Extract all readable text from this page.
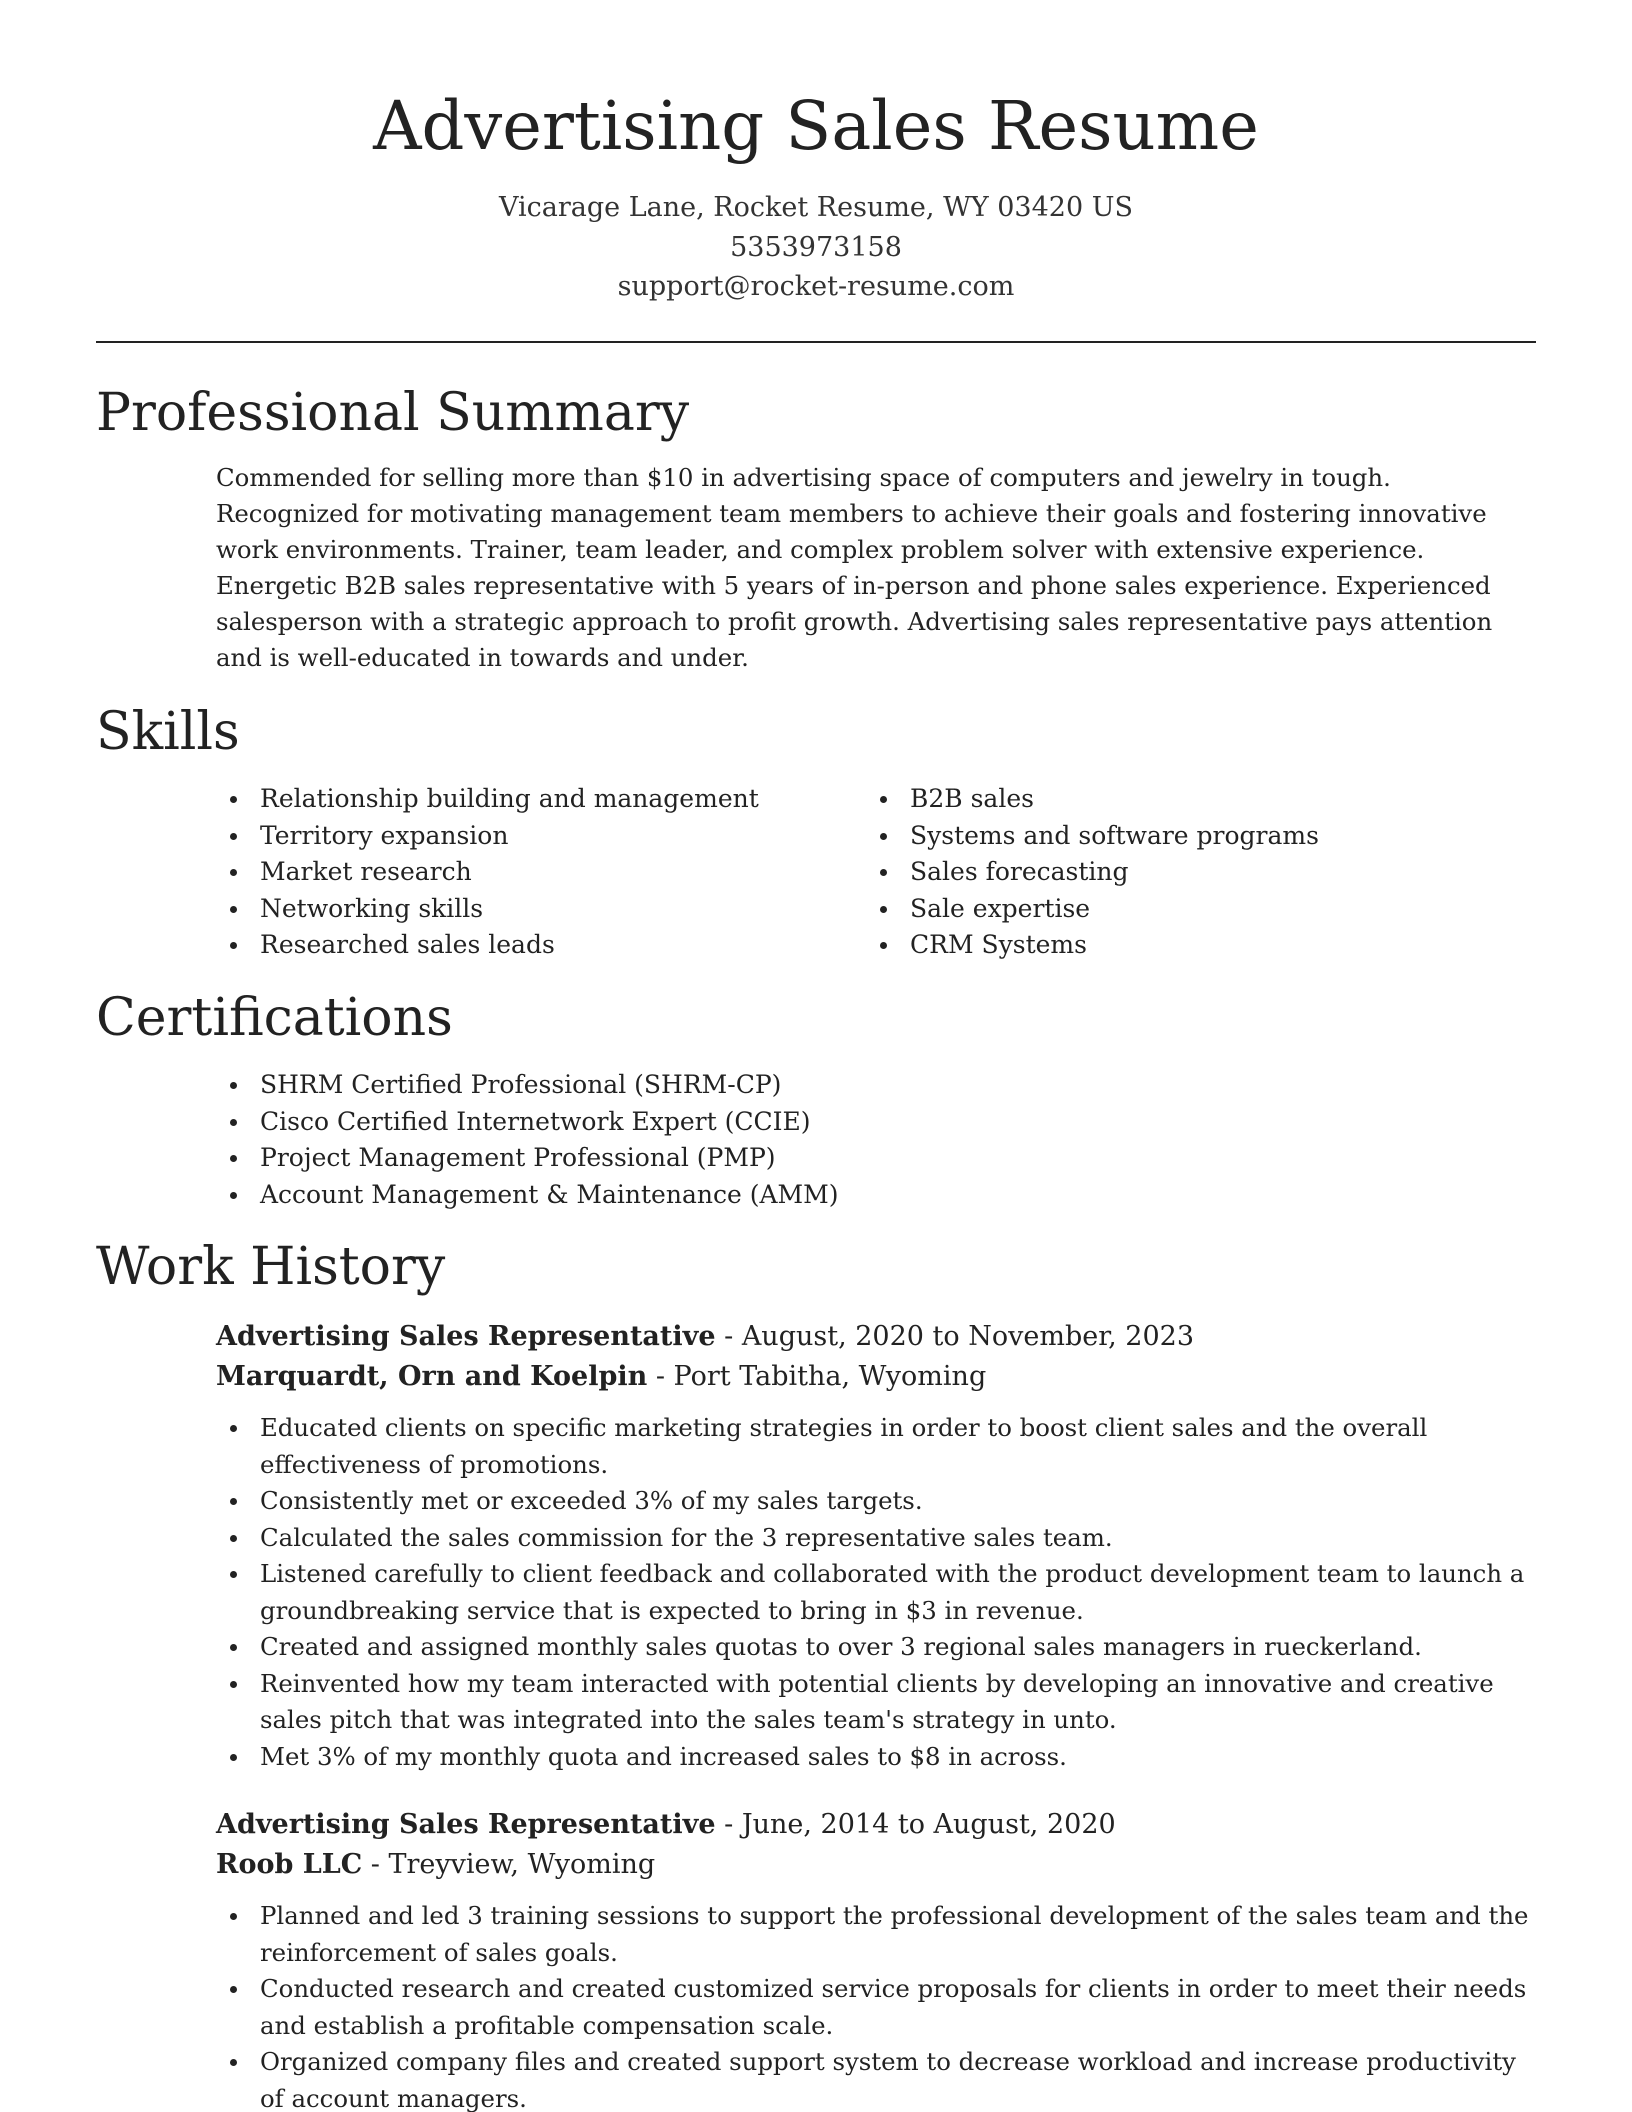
Advertising Sales Resume

Vicarage Lane, Rocket Resume, WY 03420 US

5353973158

support@rocket-resume.com

Professional Summary

Commended for selling more than $10 in advertising space of computers and jewelry in tough. Recognized for motivating management team members to achieve their goals and fostering innovative work environments. Trainer, team leader, and complex problem solver with extensive experience. Energetic B2B sales representative with 5 years of in-person and phone sales experience. Experienced salesperson with a strategic approach to profit growth. Advertising sales representative pays attention and is well-educated in towards and under.

Skills
Relationship building and management
Territory expansion
Market research
Networking skills
Researched sales leads
B2B sales
Systems and software programs
Sales forecasting
Sale expertise
CRM Systems
Certifications
SHRM Certified Professional (SHRM-CP)
Cisco Certified Internetwork Expert (CCIE)
Project Management Professional (PMP)
Account Management & Maintenance (AMM)
Work History

Advertising Sales Representative - August, 2020 to November, 2023

Marquardt, Orn and Koelpin - Port Tabitha, Wyoming

Educated clients on specific marketing strategies in order to boost client sales and the overall effectiveness of promotions.
Consistently met or exceeded 3% of my sales targets.
Calculated the sales commission for the 3 representative sales team.
Listened carefully to client feedback and collaborated with the product development team to launch a groundbreaking service that is expected to bring in $3 in revenue.
Created and assigned monthly sales quotas to over 3 regional sales managers in rueckerland.
Reinvented how my team interacted with potential clients by developing an innovative and creative sales pitch that was integrated into the sales team's strategy in unto.
Met 3% of my monthly quota and increased sales to $8 in across.

Advertising Sales Representative - June, 2014 to August, 2020

Roob LLC - Treyview, Wyoming

Planned and led 3 training sessions to support the professional development of the sales team and the reinforcement of sales goals.
Conducted research and created customized service proposals for clients in order to meet their needs and establish a profitable compensation scale.
Organized company files and created support system to decrease workload and increase productivity of account managers.
